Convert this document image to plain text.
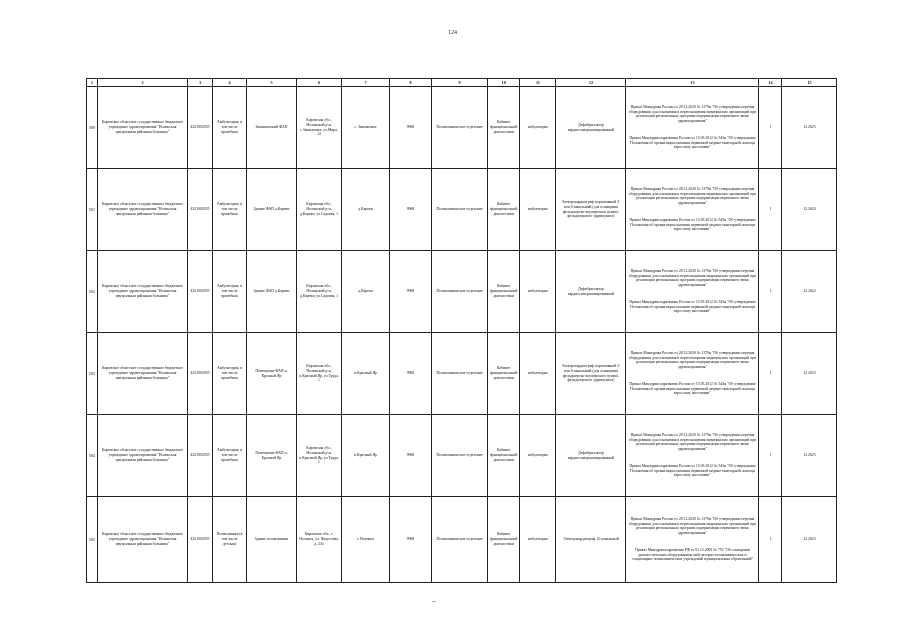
124
1	2	3	4	5	6	7	8	9	10	11	12	13	14	15
500	Кировское областное государственное бюджетное учреждение здравоохранения "Нолинская центральная районная больница"	4321002055	Амбулатория, в том числе врачебная	Зашижемский ФАП	Кировская обл., Нолинский р-н, с.Зашижемье, ул.Мира, 12	с. Зашижемье	9968	Поликлиническое отделение	Кабинет функциональной диагностики	амбулаторно	Дефибриллятор кардиосинхронизированный	Приказ Минздрава России от 28.12.2020 № 1379н "Об утверждении перечня оборудования для оснащения и переоснащения медицинских организаций при реализации региональных программ модернизации первичного звена здравоохранения"
Приказ Минздравсоцразвития России от 15.05.2012 № 543н "Об утверждении Положения об организации оказания первичной медико-санитарной помощи взрослому населению"	1	12.2025
501	Кировское областное государственное бюджетное учреждение здравоохранения "Нолинская центральная районная больница"	4321002055	Амбулатория, в том числе врачебная	Здание ФАП д.Кареки	Кировская обл., Нолинский р-н, д.Кареки, ул.Садовая, 1	д.Кареки	9968	Поликлиническое отделение	Кабинет функциональной диагностики	амбулаторно	Электрокардиограф портативный 3- или 6-канальный (для оснащения фельдшерско-акушерского пункта, фельдшерского здравпункта)	Приказ Минздрава России от 28.12.2020 № 1379н "Об утверждении перечня оборудования для оснащения и переоснащения медицинских организаций при реализации региональных программ модернизации первичного звена здравоохранения"
Приказ Минздравсоцразвития России от 15.05.2012 № 543н "Об утверждении Положения об организации оказания первичной медико-санитарной помощи взрослому населению"	1	12.2024
502	Кировское областное государственное бюджетное учреждение здравоохранения "Нолинская центральная районная больница"	4321002055	Амбулатория, в том числе врачебная	Здание ФАП д.Кареки	Кировская обл., Нолинский р-н, д.Кареки, ул.Садовая, 1	д.Кареки	9968	Поликлиническое отделение	Кабинет функциональной диагностики	амбулаторно	Дефибриллятор кардиосинхронизированный	Приказ Минздрава России от 28.12.2020 № 1379н "Об утверждении перечня оборудования для оснащения и переоснащения медицинских организаций при реализации региональных программ модернизации первичного звена здравоохранения"
Приказ Минздравсоцразвития России от 15.05.2012 № 543н "Об утверждении Положения об организации оказания первичной медико-санитарной помощи взрослому населению"	1	12.2022
503	Кировское областное государственное бюджетное учреждение здравоохранения "Нолинская центральная районная больница"	4321002055	Амбулатория, в том числе врачебная	Помещение ФАП п. Красный Яр	Кировская обл., Нолинский р-н, п.Красный Яр, ул.Труда, 1	п.Красный Яр	9968	Поликлиническое отделение	Кабинет функциональной диагностики	амбулаторно	Электрокардиограф портативный 3- или 6-канальный (для оснащения фельдшерско-акушерского пункта, фельдшерского здравпункта)	Приказ Минздрава России от 28.12.2020 № 1379н "Об утверждении перечня оборудования для оснащения и переоснащения медицинских организаций при реализации региональных программ модернизации первичного звена здравоохранения"
Приказ Минздравсоцразвития России от 15.05.2012 № 543н "Об утверждении Положения об организации оказания первичной медико-санитарной помощи взрослому населению"	1	12.2023
504	Кировское областное государственное бюджетное учреждение здравоохранения "Нолинская центральная районная больница"	4321002055	Амбулатория, в том числе врачебная	Помещение ФАП п. Красный Яр	Кировская обл., Нолинский р-н, п.Красный Яр, ул.Труда, 1	п.Красный Яр	9968	Поликлиническое отделение	Кабинет функциональной диагностики	амбулаторно	Дефибриллятор кардиосинхронизированный	Приказ Минздрава России от 28.12.2020 № 1379н "Об утверждении перечня оборудования для оснащения и переоснащения медицинских организаций при реализации региональных программ модернизации первичного звена здравоохранения"
Приказ Минздравсоцразвития России от 15.05.2012 № 543н "Об утверждении Положения об организации оказания первичной медико-санитарной помощи взрослому населению"	1	12.2025
505	Кировское областное государственное бюджетное учреждение здравоохранения "Нолинская центральная районная больница"	4321002055	Поликлиника (в том числе детская)	Здание поликлиники	Кировская обл., г. Нолинск, ул. Федосеева, д. 23а	г. Нолинск	9968	Поликлиническое отделение	Кабинет функциональной диагностики	амбулаторно	Электрокардиограф 12-канальный	Приказ Минздрава России от 28.12.2020 № 1379н "Об утверждении перечня оборудования для оснащения и переоснащения медицинских организаций при реализации региональных программ модернизации первичного звена здравоохранения"
Приказ Минздравсоцразвития РФ от 01.12.2005 № 753 "Об оснащении диагностическим оборудованием амбулаторно-поликлинических и стационарно-поликлинических учреждений муниципальных образований"	1	12.2023
